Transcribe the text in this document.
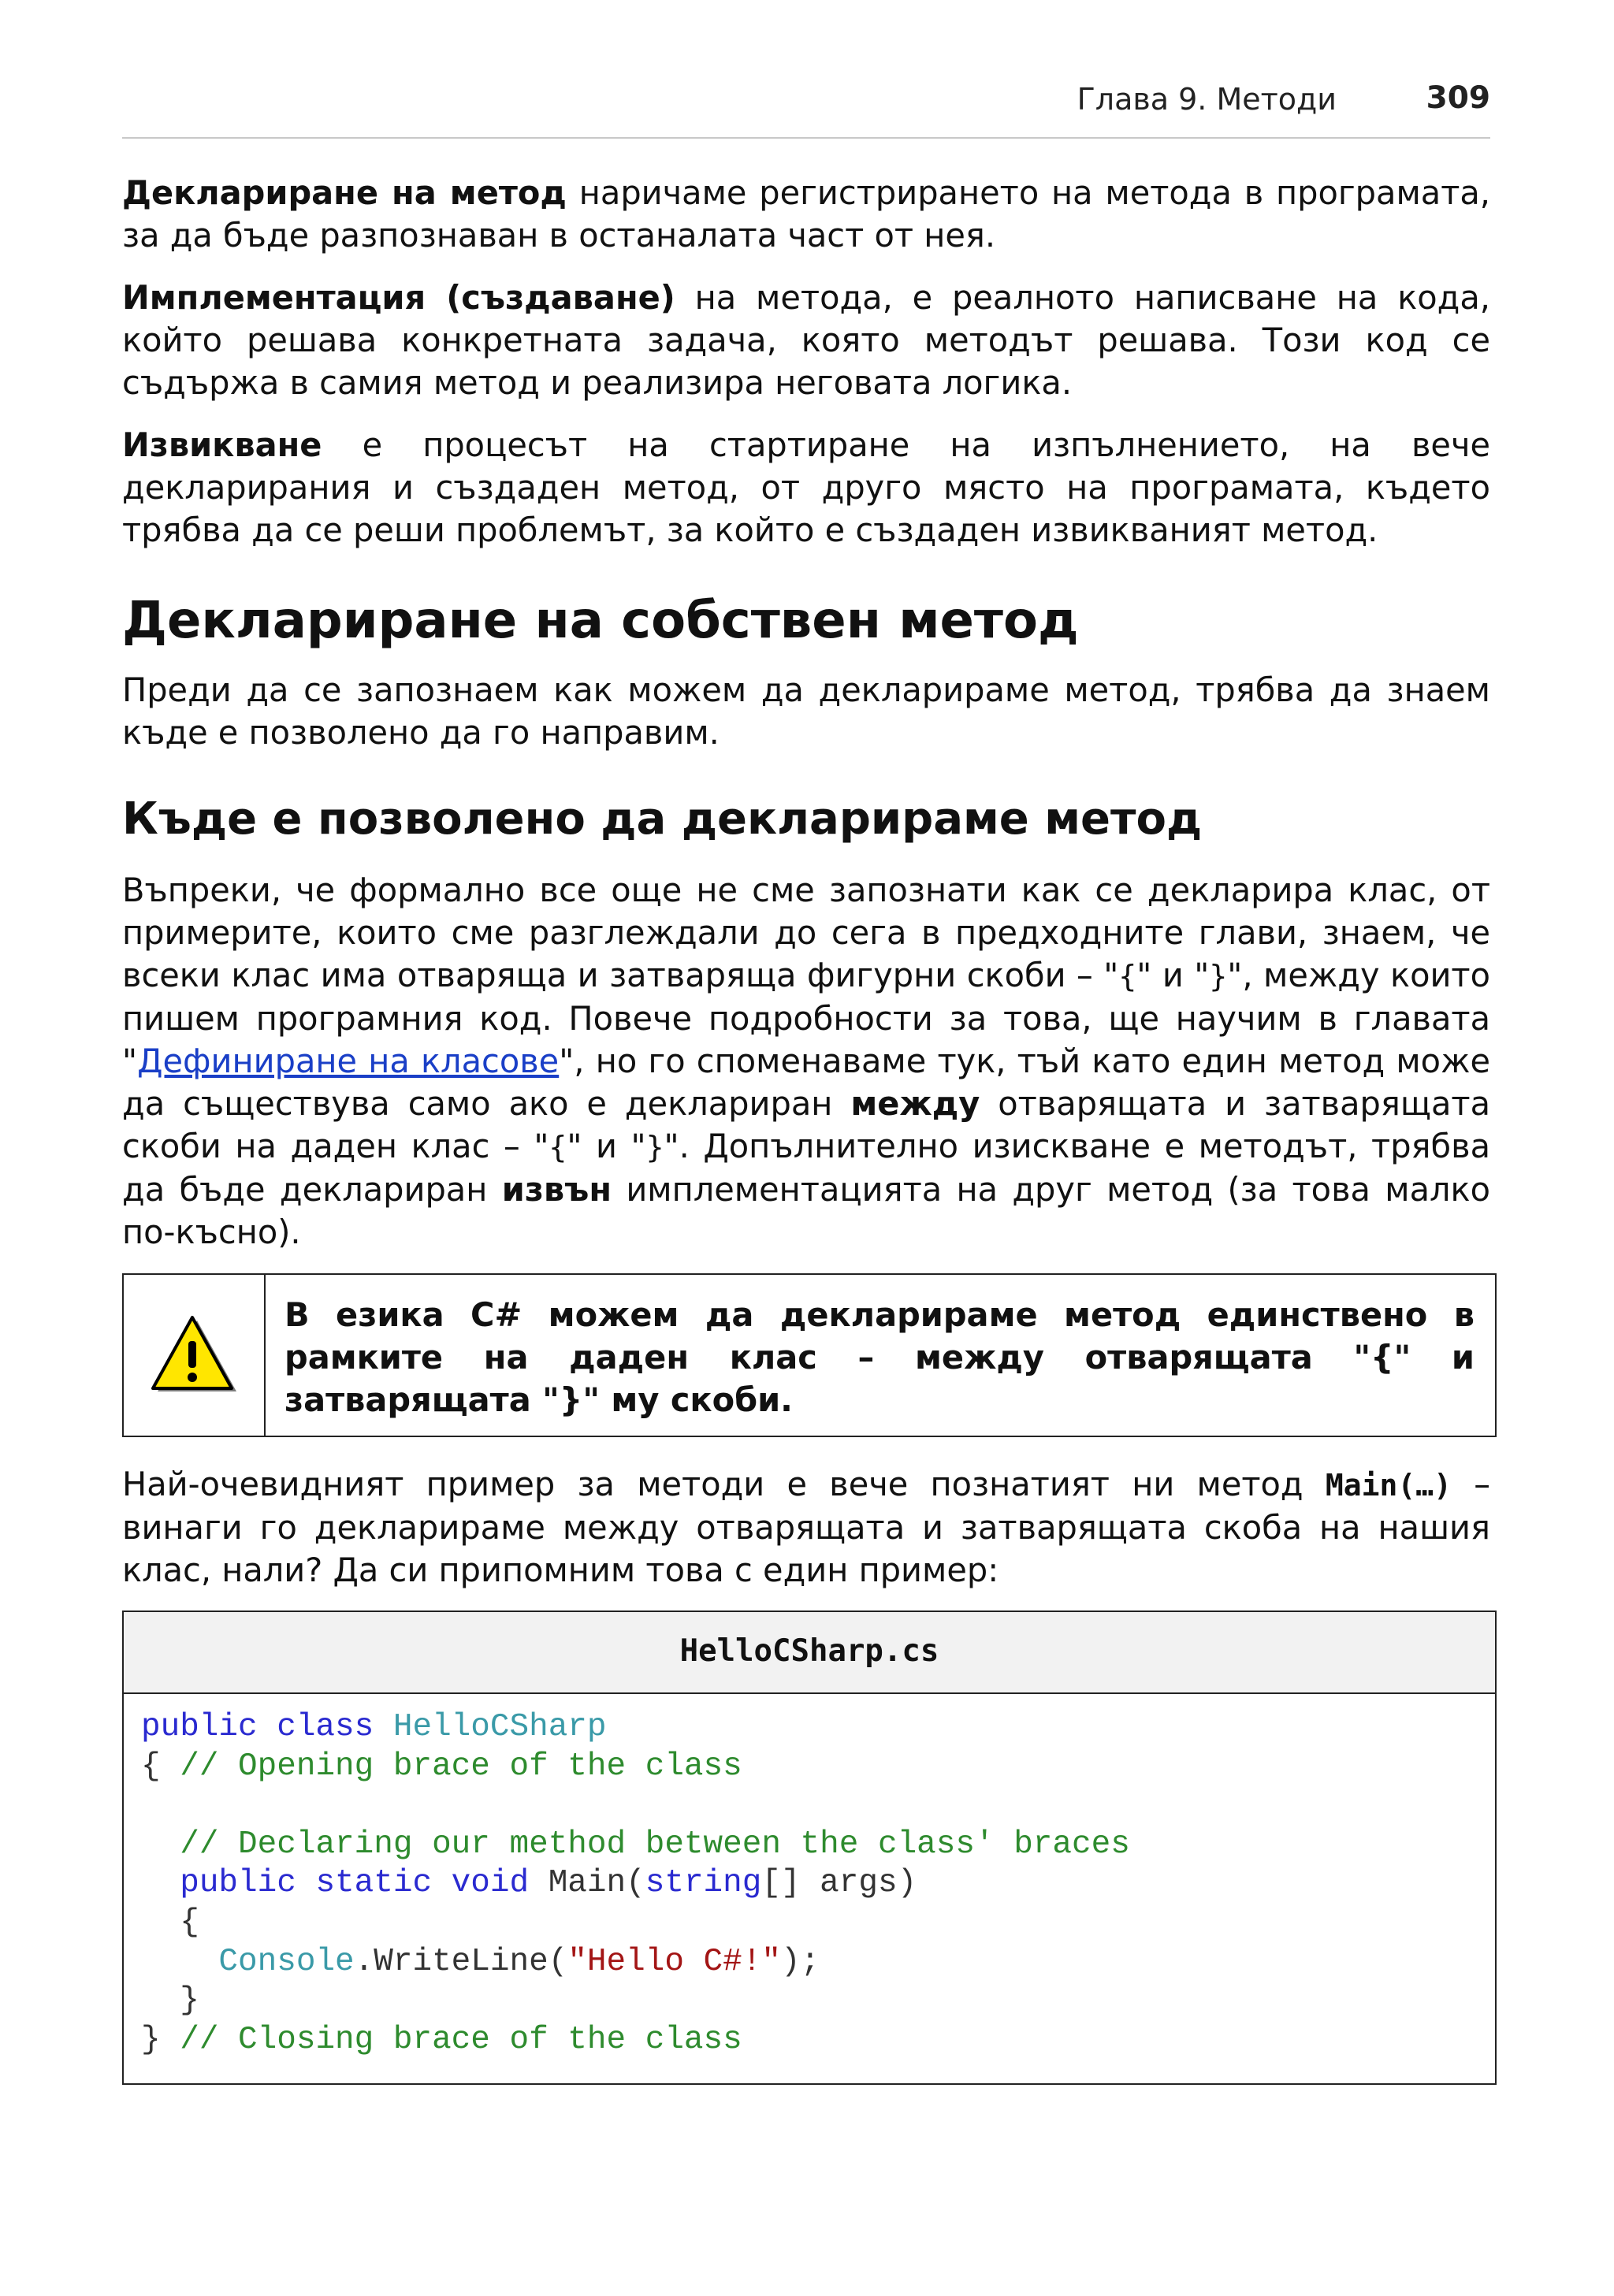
Глава 9. Методи	309
Деклариране на метод наричаме регистрирането на метода в програмата, за да бъде разпознаван в останалата част от нея.
Имплементация (създаване) на метода, е реалното написване на кода, който решава конкретната задача, която методът решава. Този код се съдържа в самия метод и реализира неговата логика.
Извикване е процесът на стартиране на изпълнението, на вече декларирания и създаден метод, от друго място на програмата, където трябва да се реши проблемът, за който е създаден извикваният метод.
Деклариране на собствен метод
Преди да се запознаем как можем да декларираме метод, трябва да знаем къде е позволено да го направим.
Къде е позволено да декларираме метод
Въпреки, че формално все още не сме запознати как се декларира клас, от примерите, които сме разглеждали до сега в предходните глави, знаем, че всеки клас има отваряща и затваряща фигурни скоби – "{" и "}", между които пишем програмния код. Повече подробности за това, ще научим в главата "Дефиниране на класове", но го споменаваме тук, тъй като един метод може да съществува само ако е деклариран между отварящата и затварящата скоби на даден клас – "{" и "}". Допълнително изискване е методът, трябва да бъде деклариран извън имплементацията на друг метод (за това малко по-късно).
В езика C# можем да декларираме метод единствено в рамките на даден клас – между отварящата "{" и затварящата "}" му скоби.
Най-очевидният пример за методи е вече познатият ни метод Main(…) – винаги го декларираме между отварящата и затварящата скоба на нашия клас, нали? Да си припомним това с един пример:
HelloCSharp.cs
public class HelloCSharp
{ // Opening brace of the class

// Declaring our method between the class' braces
public static void Main(string[] args)
{
Console.WriteLine("Hello C#!");
}
} // Closing brace of the class
